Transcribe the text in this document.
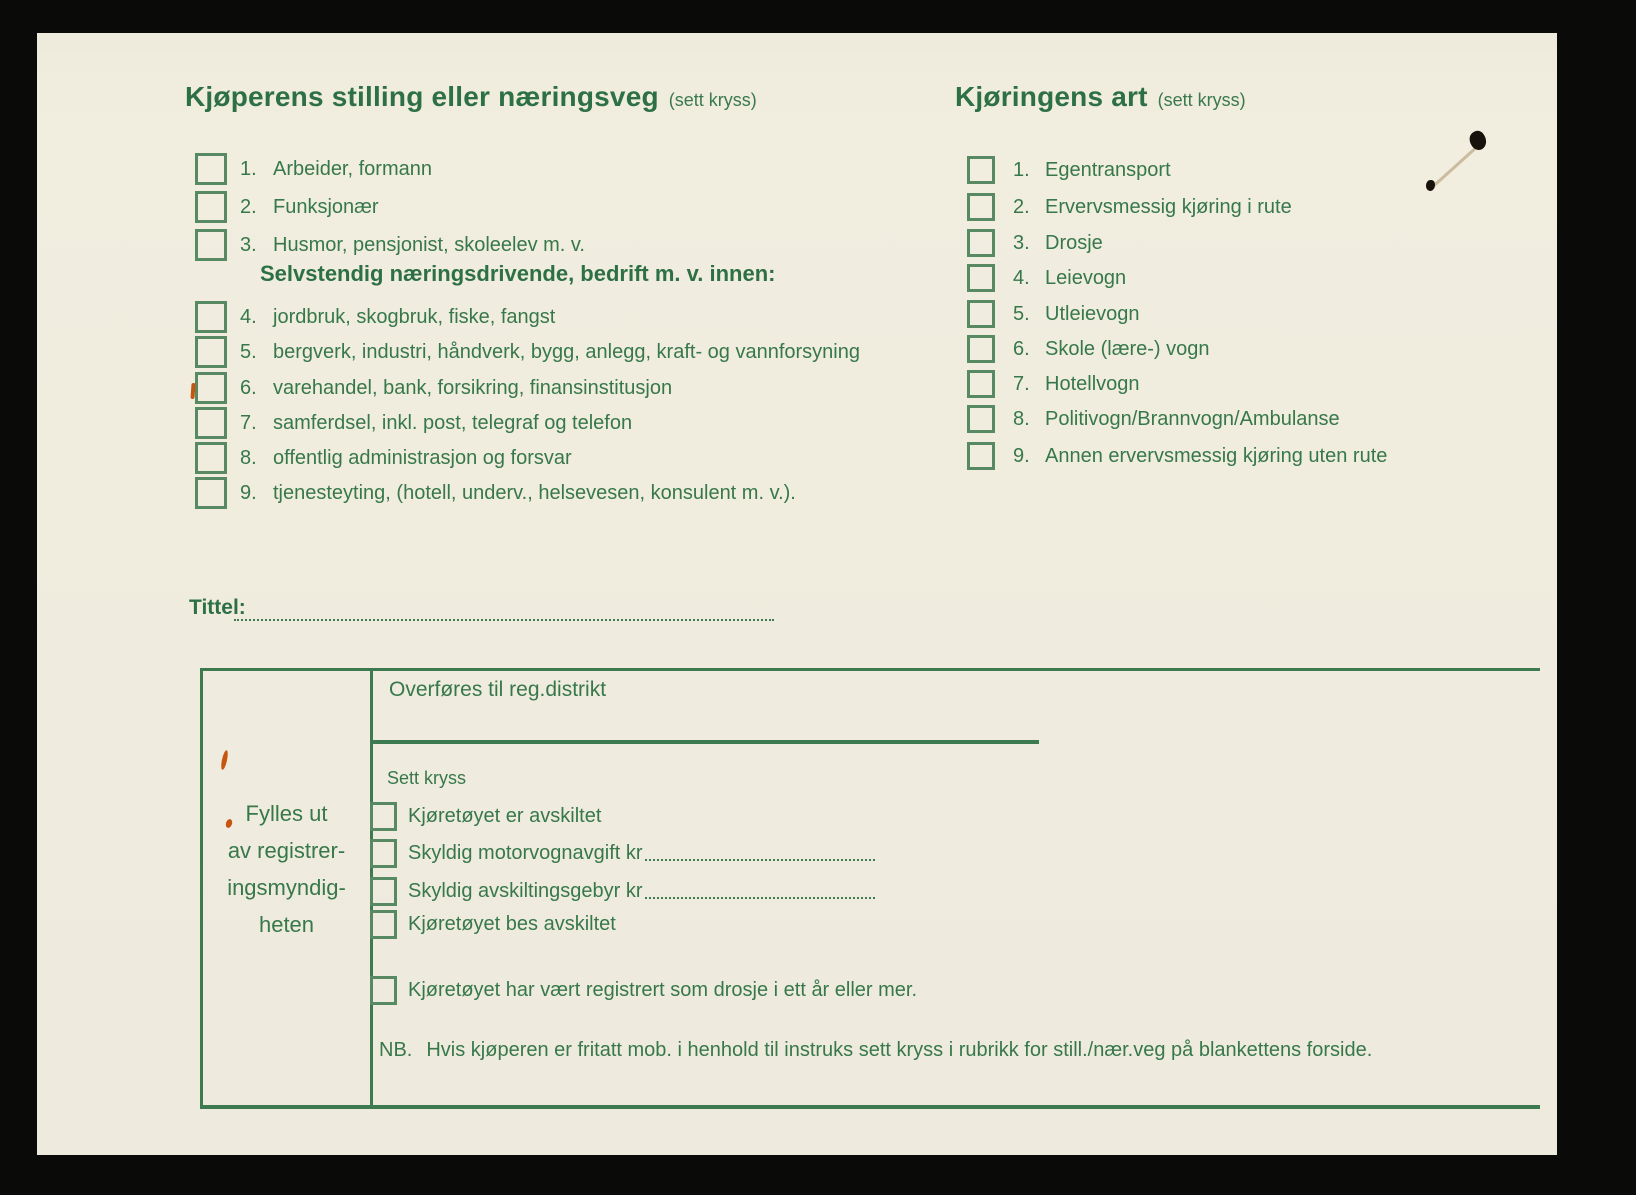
Kjøperens stilling eller næringsveg (sett kryss)	Kjøringens art (sett kryss)
1. Arbeider, formann
2. Funksjonær
3. Husmor, pensjonist, skoleelev m. v.
Selvstendig næringsdrivende, bedrift m. v. innen:
4. jordbruk, skogbruk, fiske, fangst
5. bergverk, industri, håndverk, bygg, anlegg, kraft- og vannforsyning
6. varehandel, bank, forsikring, finansinstitusjon
7. samferdsel, inkl. post, telegraf og telefon
8. offentlig administrasjon og forsvar
9. tjenesteyting, (hotell, underv., helsevesen, konsulent m. v.).
1. Egentransport
2. Ervervsmessig kjøring i rute
3. Drosje
4. Leievogn
5. Utleievogn
6. Skole (lære-) vogn
7. Hotellvogn
8. Politivogn/Brannvogn/Ambulanse
9. Annen ervervsmessig kjøring uten rute
Tittel:
Overføres til reg.distrikt
Fylles ut
av registrer-
ingsmyndig-
heten
Sett kryss
Kjøretøyet er avskiltet
Skyldig motorvognavgift kr
Skyldig avskiltingsgebyr kr
Kjøretøyet bes avskiltet
Kjøretøyet har vært registrert som drosje i ett år eller mer.
NB. Hvis kjøperen er fritatt mob. i henhold til instruks sett kryss i rubrikk for still./nær.veg på blankettens forside.
